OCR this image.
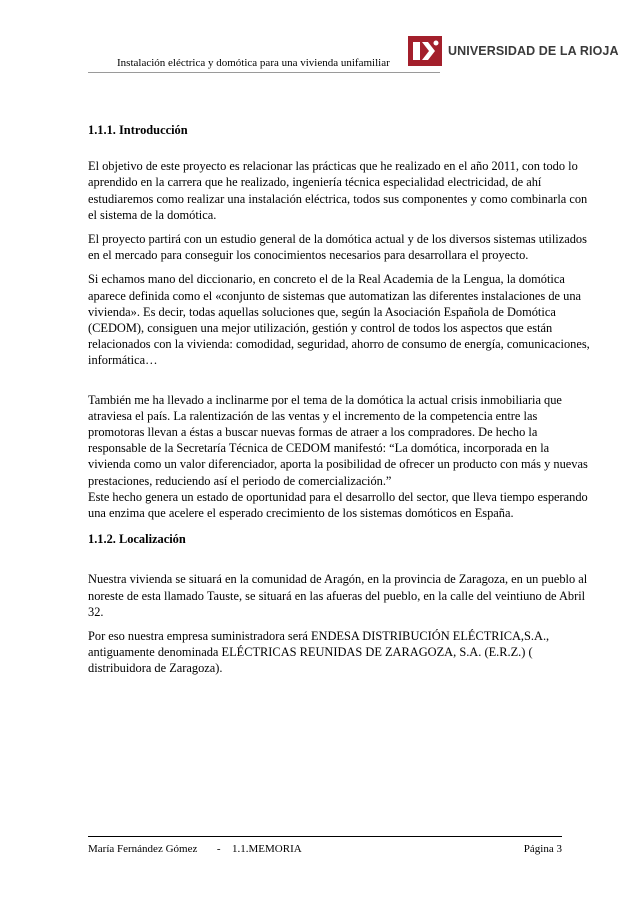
Instalación eléctrica y domótica para una vivienda unifamiliar
UNIVERSIDAD DE LA RIOJA

1.1.1. Introducción

El objetivo de este proyecto es relacionar las prácticas que he realizado en el año 2011, con todo lo aprendido en la carrera que he realizado, ingeniería técnica especialidad electricidad, de ahí estudiaremos como realizar una instalación eléctrica, todos sus componentes y como combinarla con el sistema de la domótica.

El proyecto partirá con un estudio general de la domótica actual y de los diversos sistemas utilizados en el mercado para conseguir los conocimientos necesarios para desarrollara el proyecto.

Si echamos mano del diccionario, en concreto el de la Real Academia de la Lengua, la domótica aparece definida como el «conjunto de sistemas que automatizan las diferentes instalaciones de una vivienda». Es decir, todas aquellas soluciones que, según la Asociación Española de Domótica (CEDOM), consiguen una mejor utilización, gestión y control de todos los aspectos que están relacionados con la vivienda: comodidad, seguridad, ahorro de consumo de energía, comunicaciones, informática…

También me ha llevado a inclinarme por el tema de la domótica la actual crisis inmobiliaria que atraviesa el país. La ralentización de las ventas y el incremento de la competencia entre las promotoras llevan a éstas a buscar nuevas formas de atraer a los compradores. De hecho la responsable de la Secretaría Técnica de CEDOM manifestó: “La domótica, incorporada en la vivienda como un valor diferenciador, aporta la posibilidad de ofrecer un producto con más y nuevas prestaciones, reduciendo así el periodo de comercialización.”

Este hecho genera un estado de oportunidad para el desarrollo del sector, que lleva tiempo esperando una enzima que acelere el esperado crecimiento de los sistemas domóticos en España.

1.1.2. Localización

Nuestra vivienda se situará en la comunidad de Aragón, en la provincia de Zaragoza, en un pueblo al noreste de esta llamado Tauste, se situará en las afueras del pueblo, en la calle del veintiuno de Abril 32.

Por eso nuestra empresa suministradora será ENDESA DISTRIBUCIÓN ELÉCTRICA,S.A., antiguamente denominada ELÉCTRICAS REUNIDAS DE ZARAGOZA, S.A. (E.R.Z.) ( distribuidora de Zaragoza).

María Fernández Gómez - 1.1.MEMORIA	Página 3
